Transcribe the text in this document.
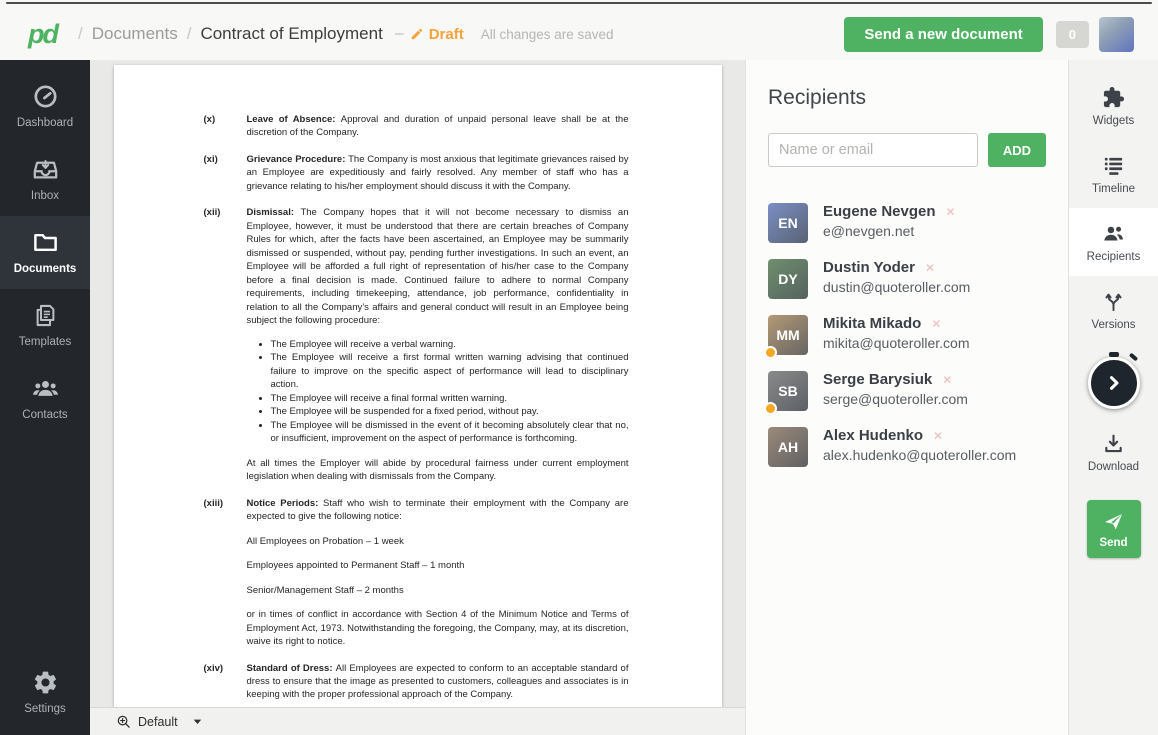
pd / Documents / Contract of Employment – Draft All changes are saved	Send a new document	0
Dashboard
Inbox
Documents
Templates
Contacts
Settings
(x)	Leave of Absence: Approval and duration of unpaid personal leave shall be at the discretion of the Company.

(xi)	Grievance Procedure: The Company is most anxious that legitimate grievances raised by an Employee are expeditiously and fairly resolved. Any member of staff who has a grievance relating to his/her employment should discuss it with the Company.

(xii)	Dismissal: The Company hopes that it will not become necessary to dismiss an Employee, however, it must be understood that there are certain breaches of Company Rules for which, after the facts have been ascertained, an Employee may be summarily dismissed or suspended, without pay, pending further investigations. In such an event, an Employee will be afforded a full right of representation of his/her case to the Company before a final decision is made. Continued failure to adhere to normal Company requirements, including timekeeping, attendance, job performance, confidentiality in relation to all the Company’s affairs and general conduct will result in an Employee being subject the following procedure:

• The Employee will receive a verbal warning.
• The Employee will receive a first formal written warning advising that continued failure to improve on the specific aspect of performance will lead to disciplinary action.
• The Employee will receive a final formal written warning.
• The Employee will be suspended for a fixed period, without pay.
• The Employee will be dismissed in the event of it becoming absolutely clear that no, or insufficient, improvement on the aspect of performance is forthcoming.

At all times the Employer will abide by procedural fairness under current employment legislation when dealing with dismissals from the Company.

(xiii)	Notice Periods: Staff who wish to terminate their employment with the Company are expected to give the following notice:

All Employees on Probation – 1 week

Employees appointed to Permanent Staff – 1 month

Senior/Management Staff – 2 months

or in times of conflict in accordance with Section 4 of the Minimum Notice and Terms of Employment Act, 1973. Notwithstanding the foregoing, the Company, may, at its discretion, waive its right to notice.

(xiv)	Standard of Dress: All Employees are expected to conform to an acceptable standard of dress to ensure that the image as presented to customers, colleagues and associates is in keeping with the proper professional approach of the Company.

Default
Recipients
Name or email
ADD
EN
Eugene Nevgen ✕
e@nevgen.net
DY
Dustin Yoder ✕
dustin@quoteroller.com
MM
Mikita Mikado ✕
mikita@quoteroller.com
SB
Serge Barysiuk ✕
serge@quoteroller.com
AH
Alex Hudenko ✕
alex.hudenko@quoteroller.com
Widgets
Timeline
Recipients
Versions
Download
Send
